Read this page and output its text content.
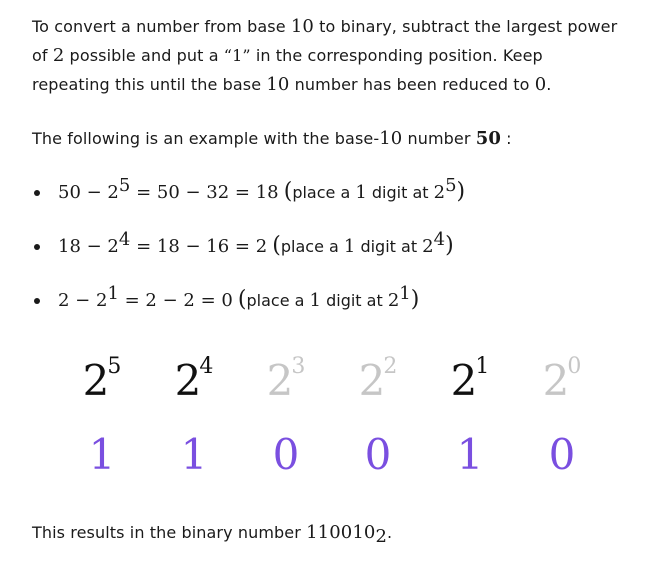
To convert a number from base 10 to binary, subtract the largest power
of 2 possible and put a “1” in the corresponding position. Keep
repeating this until the base 10 number has been reduced to 0.

The following is an example with the base-10 number 50 :

$50 - 2^5 = 50 - 32 = 18$ (place a 1 digit at $2^5$)
$18 - 2^4 = 18 - 16 = 2$ (place a 1 digit at $2^4$)
$2 - 2^1 = 2 - 2 = 0$ (place a 1 digit at $2^1$)
25	24	23	22	21	20
1	1	0	0	1	0

This results in the binary number $110010_2$.
